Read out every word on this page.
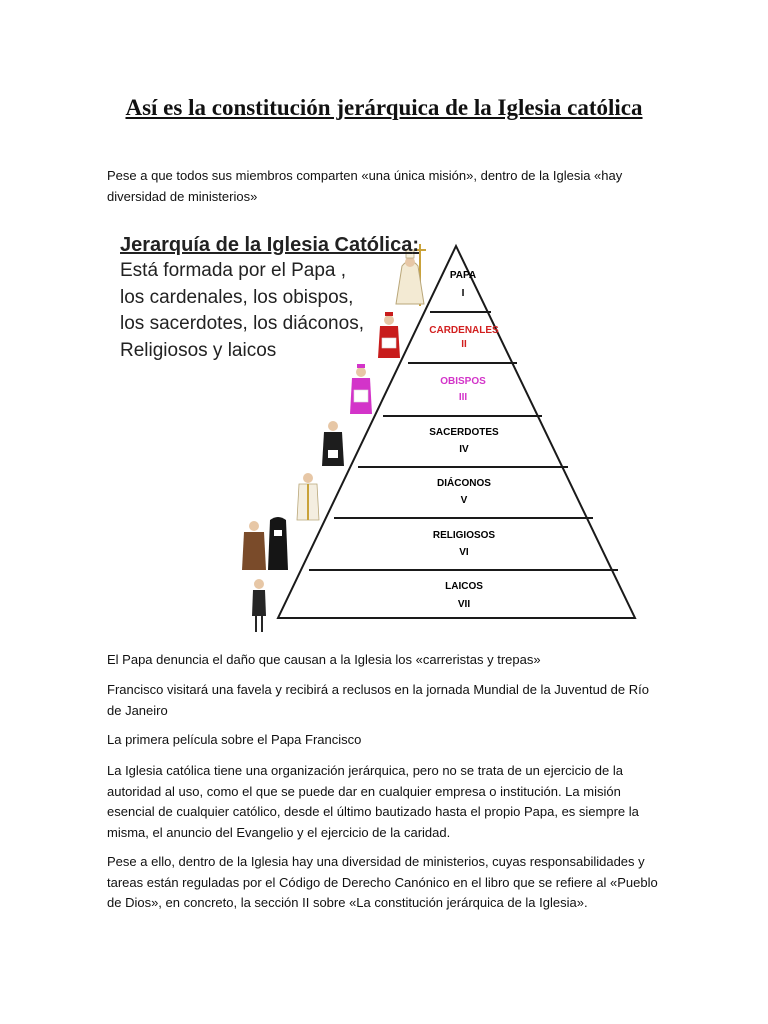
Así es la constitución jerárquica de la Iglesia católica
Pese a que todos sus miembros comparten «una única misión», dentro de la Iglesia «hay diversidad de ministerios»
PAPA
I
CARDENALES
II
OBISPOS
III
SACERDOTES
IV
DIÁCONOS
V
RELIGIOSOS
VI
LAICOS
VII
Jerarquía de la Iglesia Católica:
Está formada por el Papa ,
los cardenales, los obispos,
los sacerdotes, los diáconos,
Religiosos y laicos
El Papa denuncia el daño que causan a la Iglesia los «carreristas y trepas»
Francisco visitará una favela y recibirá a reclusos en la jornada Mundial de la Juventud de Río de Janeiro
La primera película sobre el Papa Francisco
La Iglesia católica tiene una organización jerárquica, pero no se trata de un ejercicio de la autoridad al uso, como el que se puede dar en cualquier empresa o institución. La misión esencial de cualquier católico, desde el último bautizado hasta el propio Papa, es siempre la misma, el anuncio del Evangelio y el ejercicio de la caridad.
Pese a ello, dentro de la Iglesia hay una diversidad de ministerios, cuyas responsabilidades y tareas están reguladas por el Código de Derecho Canónico en el libro que se refiere al «Pueblo de Dios», en concreto, la sección II sobre «La constitución jerárquica de la Iglesia».
